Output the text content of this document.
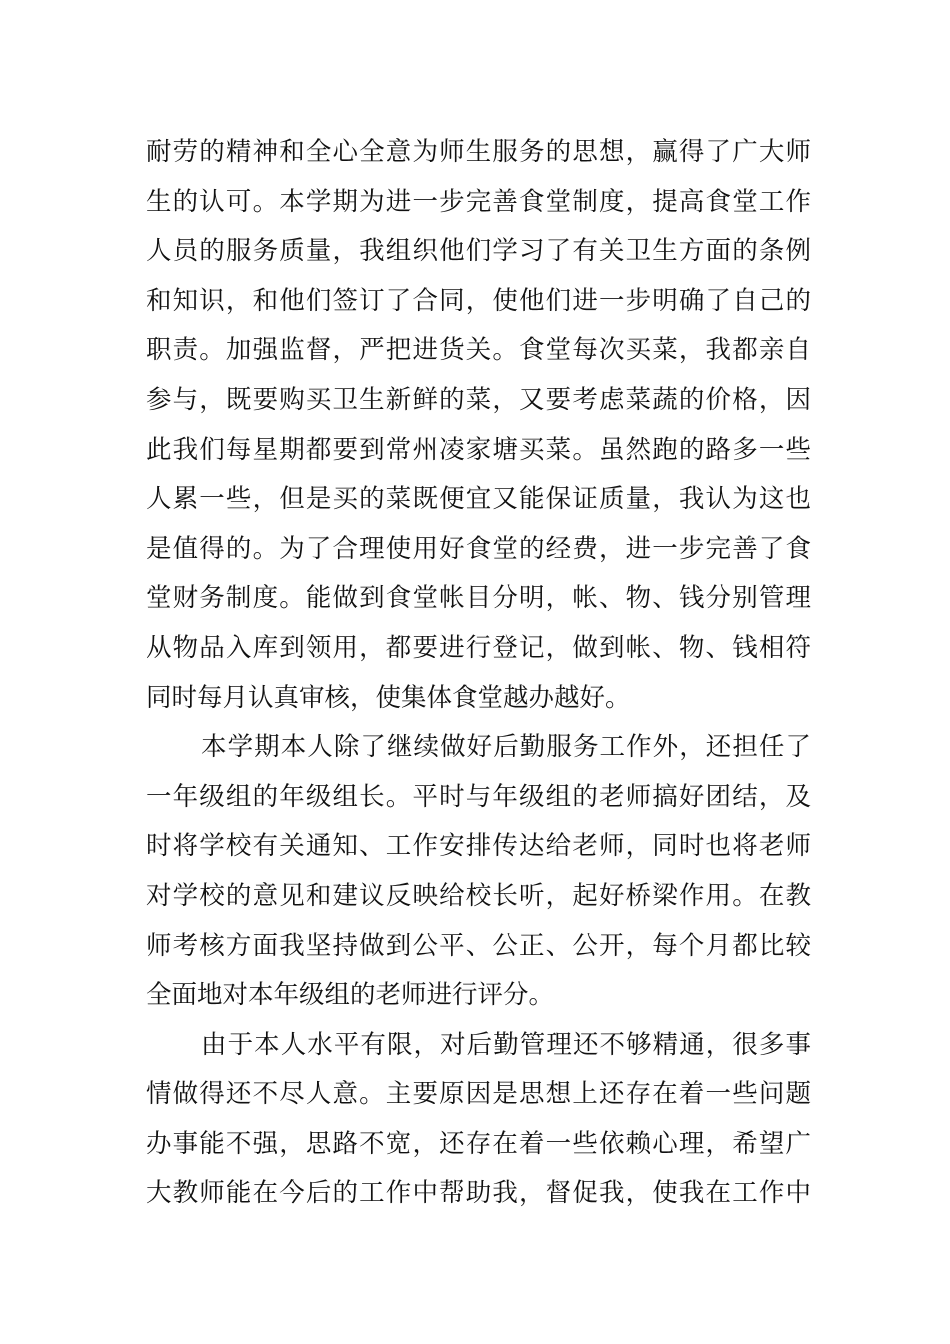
耐劳的精神和全心全意为师生服务的思想，赢得了广大师
生的认可。本学期为进一步完善食堂制度，提高食堂工作
人员的服务质量，我组织他们学习了有关卫生方面的条例
和知识，和他们签订了合同，使他们进一步明确了自己的
职责。加强监督，严把进货关。食堂每次买菜，我都亲自
参与，既要购买卫生新鲜的菜，又要考虑菜蔬的价格，因
此我们每星期都要到常州凌家塘买菜。虽然跑的路多一些
人累一些，但是买的菜既便宜又能保证质量，我认为这也
是值得的。为了合理使用好食堂的经费，进一步完善了食
堂财务制度。能做到食堂帐目分明，帐、物、钱分别管理
从物品入库到领用，都要进行登记，做到帐、物、钱相符
同时每月认真审核，使集体食堂越办越好。
本学期本人除了继续做好后勤服务工作外，还担任了
一年级组的年级组长。平时与年级组的老师搞好团结，及
时将学校有关通知、工作安排传达给老师，同时也将老师
对学校的意见和建议反映给校长听，起好桥梁作用。在教
师考核方面我坚持做到公平、公正、公开，每个月都比较
全面地对本年级组的老师进行评分。
由于本人水平有限，对后勤管理还不够精通，很多事
情做得还不尽人意。主要原因是思想上还存在着一些问题
办事能不强，思路不宽，还存在着一些依赖心理，希望广
大教师能在今后的工作中帮助我，督促我，使我在工作中
